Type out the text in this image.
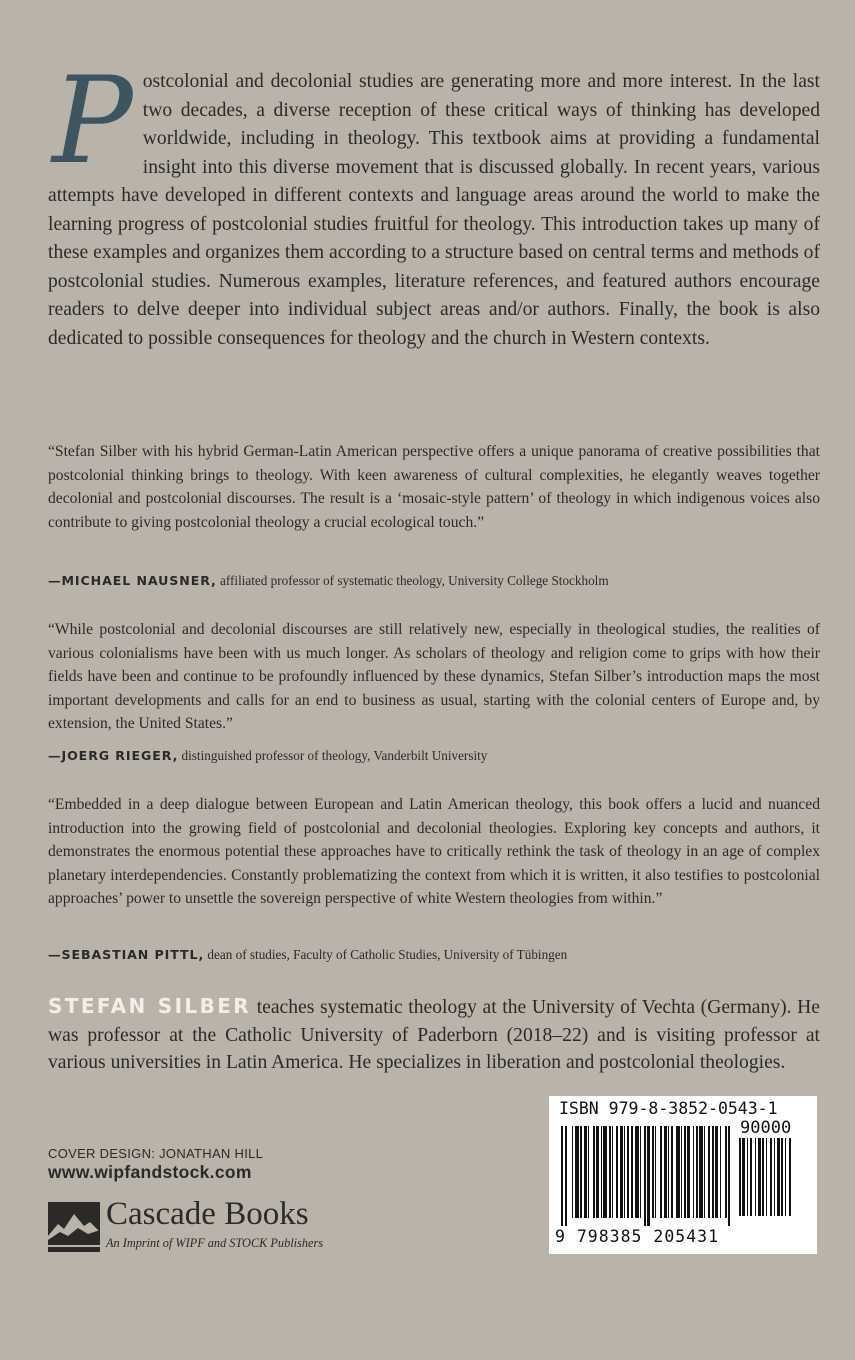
Postcolonial and decolonial studies are generating more and more interest. In the last two decades, a diverse reception of these critical ways of thinking has developed worldwide, including in theology. This textbook aims at providing a fundamental insight into this diverse movement that is discussed globally. In recent years, various attempts have developed in different contexts and language areas around the world to make the learning progress of postcolonial studies fruitful for theology. This introduction takes up many of these examples and organizes them according to a structure based on central terms and methods of postcolonial studies. Numerous examples, literature references, and featured authors encourage readers to delve deeper into individual subject areas and/or authors. Finally, the book is also dedicated to possible consequences for theology and the church in Western contexts.

“Stefan Silber with his hybrid German-Latin American perspective offers a unique panorama of creative possibilities that postcolonial thinking brings to theology. With keen awareness of cultural complexities, he elegantly weaves together decolonial and postcolonial discourses. The result is a ‘mosaic-style pattern’ of theology in which indigenous voices also contribute to giving postcolonial theology a crucial ecological touch.”

—MICHAEL NAUSNER, affiliated professor of systematic theology, University College Stockholm

“While postcolonial and decolonial discourses are still relatively new, especially in theological studies, the realities of various colonialisms have been with us much longer. As scholars of theology and religion come to grips with how their fields have been and continue to be profoundly influenced by these dynamics, Stefan Silber’s introduction maps the most important developments and calls for an end to business as usual, starting with the colonial centers of Europe and, by extension, the United States.”

—JOERG RIEGER, distinguished professor of theology, Vanderbilt University

“Embedded in a deep dialogue between European and Latin American theology, this book offers a lucid and nuanced introduction into the growing field of postcolonial and decolonial theologies. Exploring key concepts and authors, it demonstrates the enormous potential these approaches have to critically rethink the task of theology in an age of complex planetary interdependencies. Constantly problematizing the context from which it is written, it also testifies to postcolonial approaches’ power to unsettle the sovereign perspective of white Western theologies from within.”

—SEBASTIAN PITTL, dean of studies, Faculty of Catholic Studies, University of Tübingen

STEFAN SILBER teaches systematic theology at the University of Vechta (Germany). He was professor at the Catholic University of Paderborn (2018–22) and is visiting professor at various universities in Latin America. He specializes in liberation and postcolonial theologies.

COVER DESIGN: JONATHAN HILL
www.wipfandstock.com
Cascade Books
An Imprint of WIPF and STOCK Publishers
ISBN 979-8-3852-0543-1
90000
9 798385 205431
